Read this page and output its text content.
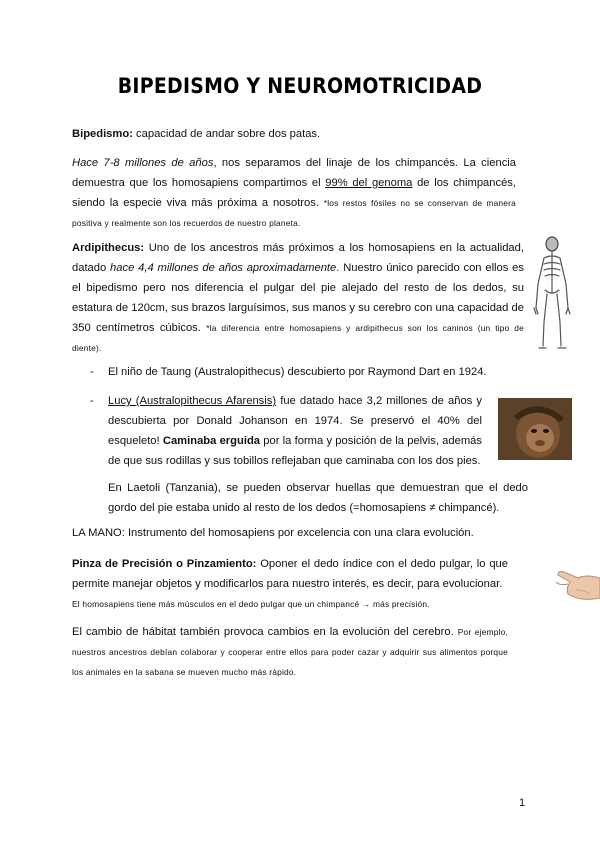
BIPEDISMO Y NEUROMOTRICIDAD

Bipedismo: capacidad de andar sobre dos patas.

Hace 7-8 millones de años, nos separamos del linaje de los chimpancés. La ciencia demuestra que los homosapiens compartimos el 99% del genoma de los chimpancés, siendo la especie viva más próxima a nosotros. *los restos fósiles no se conservan de manera positiva y realmente son los recuerdos de nuestro planeta.

Ardipithecus: Uno de los ancestros más próximos a los homosapiens en la actualidad, datado hace 4,4 millones de años aproximadamente. Nuestro único parecido con ellos es el bipedismo pero nos diferencia el pulgar del pie alejado del resto de los dedos, su estatura de 120cm, sus brazos larguísimos, sus manos y su cerebro con una capacidad de 350 centímetros cúbicos. *la diferencia entre homosapiens y ardipithecus son los caninos (un tipo de diente).

- El niño de Taung (Australopithecus) descubierto por Raymond Dart en 1924.

- Lucy (Australopithecus Afarensis) fue datado hace 3,2 millones de años y descubierta por Donald Johanson en 1974. Se preservó el 40% del esqueleto! Caminaba erguida por la forma y posición de la pelvis, además de que sus rodillas y sus tobillos reflejaban que caminaba con los dos pies.

En Laetoli (Tanzania), se pueden observar huellas que demuestran que el dedo gordo del pie estaba unido al resto de los dedos (=homosapiens ≠ chimpancé).

LA MANO: Instrumento del homosapiens por excelencia con una clara evolución.

Pinza de Precisión o Pinzamiento: Oponer el dedo índice con el dedo pulgar, lo que permite manejar objetos y modificarlos para nuestro interés, es decir, para evolucionar.
El homosapiens tiene más músculos en el dedo pulgar que un chimpancé → más precisión.

El cambio de hábitat también provoca cambios en la evolución del cerebro. Por ejemplo, nuestros ancestros debían colaborar y cooperar entre ellos para poder cazar y adquirir sus alimentos porque los animales en la sabana se mueven mucho más rápido.

1
